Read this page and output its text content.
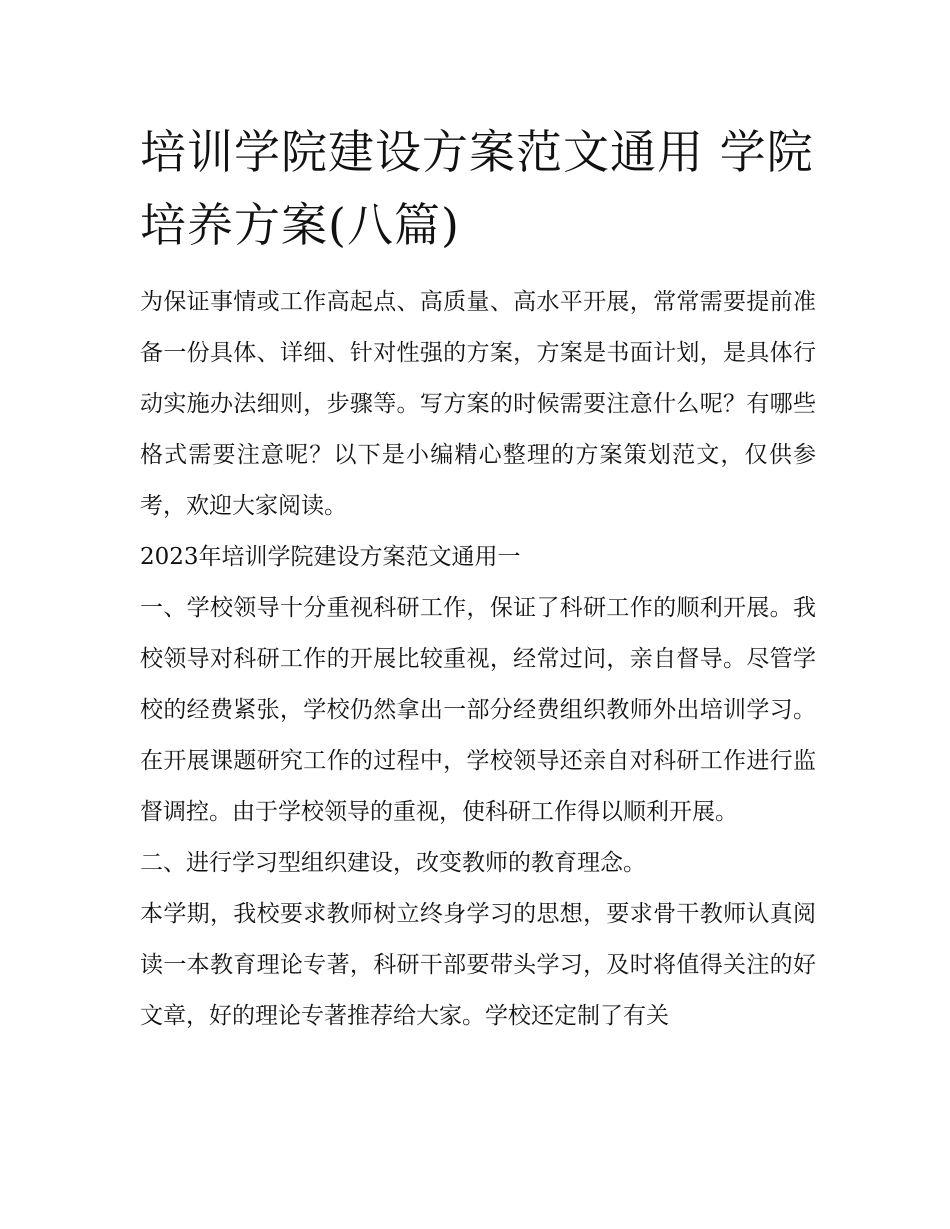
培训学院建设方案范文通用 学院培养方案(八篇)

为保证事情或工作高起点、高质量、高水平开展，常常需要提前准备一份具体、详细、针对性强的方案，方案是书面计划，是具体行动实施办法细则，步骤等。写方案的时候需要注意什么呢？有哪些格式需要注意呢？以下是小编精心整理的方案策划范文，仅供参考，欢迎大家阅读。

2023年培训学院建设方案范文通用一

一、学校领导十分重视科研工作，保证了科研工作的顺利开展。我校领导对科研工作的开展比较重视，经常过问，亲自督导。尽管学校的经费紧张，学校仍然拿出一部分经费组织教师外出培训学习。在开展课题研究工作的过程中，学校领导还亲自对科研工作进行监督调控。由于学校领导的重视，使科研工作得以顺利开展。

二、进行学习型组织建设，改变教师的教育理念。

本学期，我校要求教师树立终身学习的思想，要求骨干教师认真阅读一本教育理论专著，科研干部要带头学习，及时将值得关注的好文章，好的理论专著推荐给大家。学校还定制了有关
